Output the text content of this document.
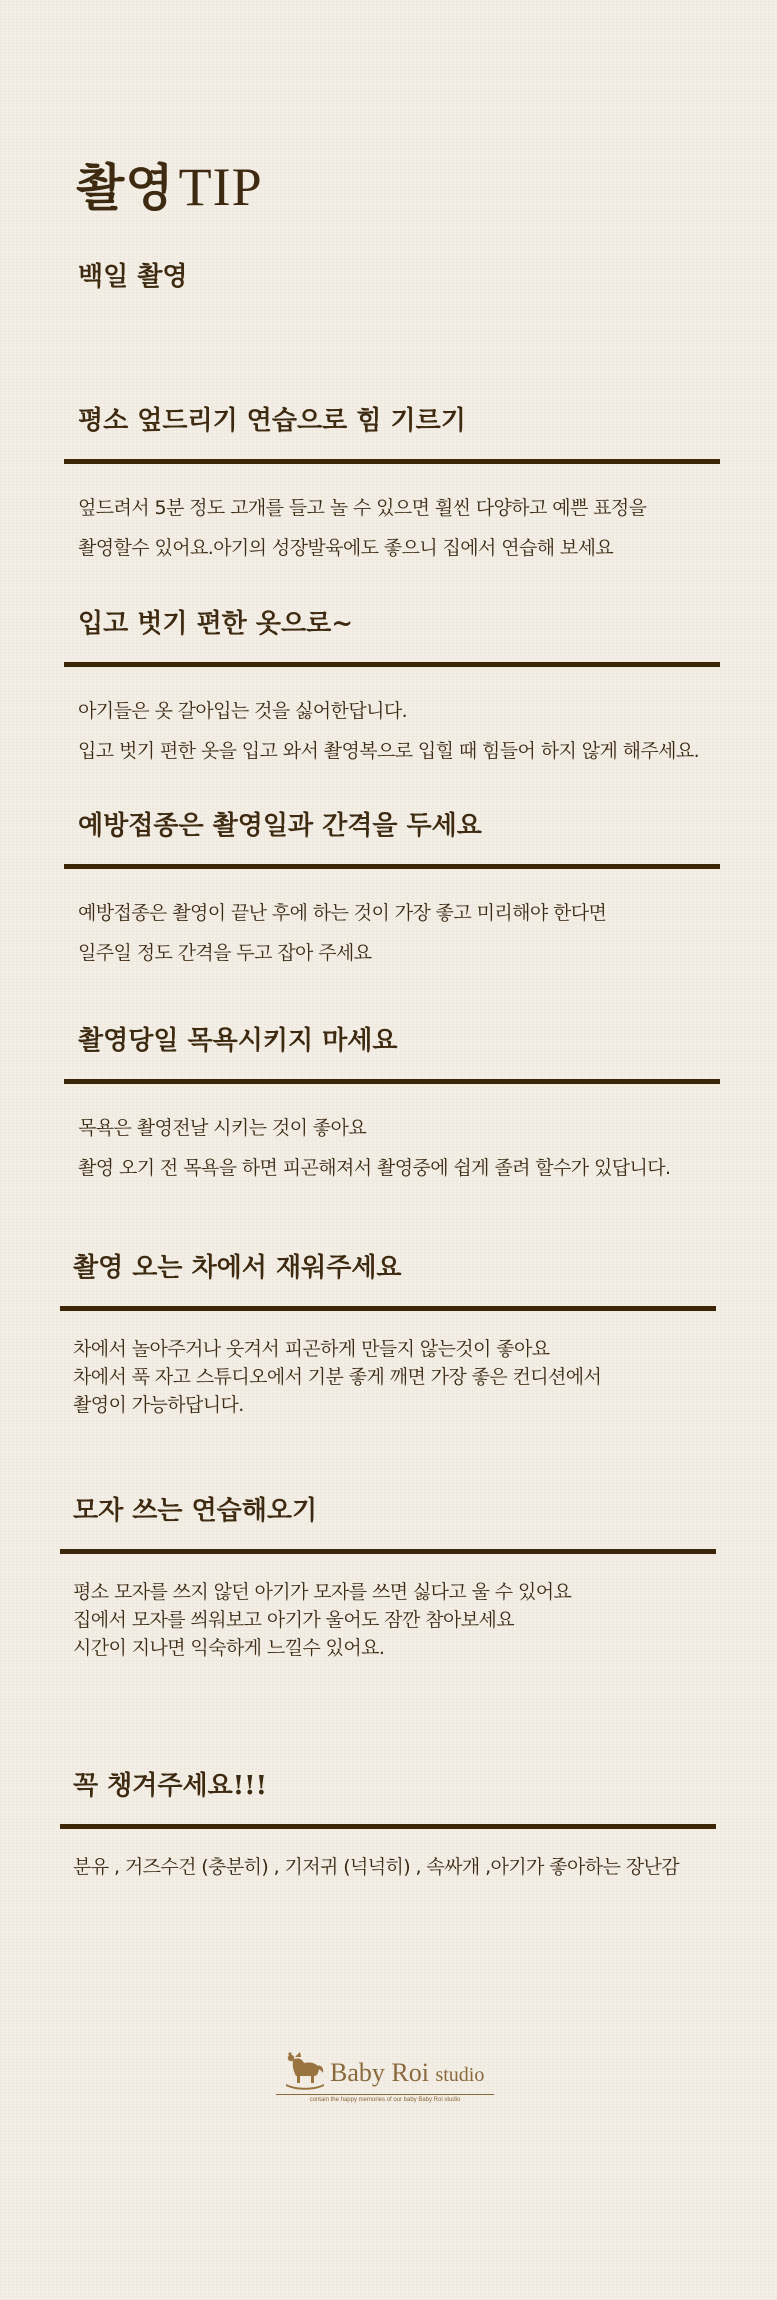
촬영TIP
백일 촬영
평소 엎드리기 연습으로 힘 기르기
엎드려서 5분 정도 고개를 들고 놀 수 있으면 휠씬 다양하고 예쁜 표정을
촬영할수 있어요.아기의 성장발육에도 좋으니 집에서 연습해 보세요
입고 벗기 편한 옷으로~
아기들은 옷 갈아입는 것을 싫어한답니다.
입고 벗기 편한 옷을 입고 와서 촬영복으로 입힐 때 힘들어 하지 않게 해주세요.
예방접종은 촬영일과 간격을 두세요
예방접종은 촬영이 끝난 후에 하는 것이 가장 좋고 미리해야 한다면
일주일 정도 간격을 두고 잡아 주세요
촬영당일 목욕시키지 마세요
목욕은 촬영전날 시키는 것이 좋아요
촬영 오기 전 목욕을 하면 피곤해져서 촬영중에 쉽게 졸려 할수가 있답니다.
촬영 오는 차에서 재워주세요
차에서 놀아주거나 웃겨서 피곤하게 만들지 않는것이 좋아요
차에서 푹 자고 스튜디오에서 기분 좋게 깨면 가장 좋은 컨디션에서
촬영이 가능하답니다.
모자 쓰는 연습해오기
평소 모자를 쓰지 않던 아기가 모자를 쓰면 싫다고 울 수 있어요
집에서 모자를 씌워보고 아기가 울어도 잠깐 참아보세요
시간이 지나면 익숙하게 느낄수 있어요.
꼭 챙겨주세요!!!
분유 , 거즈수건 (충분히) , 기저귀 (넉넉히) , 속싸개 ,아기가 좋아하는 장난감
Baby Roi studio
contain the happy memories of our baby Baby Roi studio
